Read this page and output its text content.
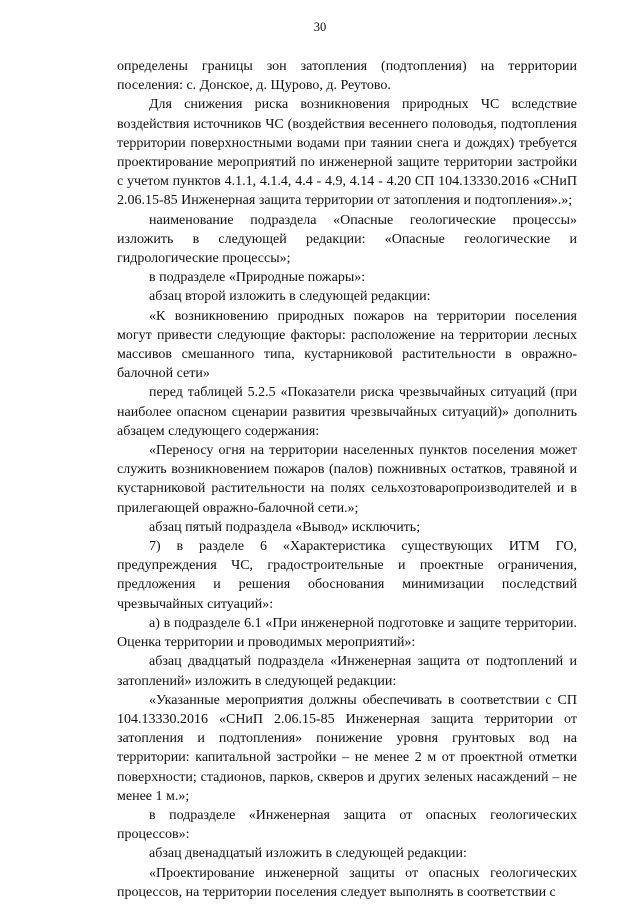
30

определены границы зон затопления (подтопления) на территории поселения: с. Донское, д. Щурово, д. Реутово.

Для снижения риска возникновения природных ЧС вследствие воздействия источников ЧС (воздействия весеннего половодья, подтопления территории поверхностными водами при таянии снега и дождях) требуется проектирование мероприятий по инженерной защите территории застройки с учетом пунктов 4.1.1, 4.1.4, 4.4 - 4.9, 4.14 - 4.20 СП 104.13330.2016 «СНиП 2.06.15-85 Инженерная защита территории от затопления и подтопления».»;

наименование подраздела «Опасные геологические процессы» изложить в следующей редакции: «Опасные геологические и гидрологические процессы»;

в подразделе «Природные пожары»:

абзац второй изложить в следующей редакции:

«К возникновению природных пожаров на территории поселения могут привести следующие факторы: расположение на территории лесных массивов смешанного типа, кустарниковой растительности в овражно-балочной сети»

перед таблицей 5.2.5 «Показатели риска чрезвычайных ситуаций (при наиболее опасном сценарии развития чрезвычайных ситуаций)» дополнить абзацем следующего содержания:

«Переносу огня на территории населенных пунктов поселения может служить возникновением пожаров (палов) пожнивных остатков, травяной и кустарниковой растительности на полях сельхозтоваропроизводителей и в прилегающей овражно-балочной сети.»;

абзац пятый подраздела «Вывод» исключить;

7) в разделе 6 «Характеристика существующих ИТМ ГО, предупреждения ЧС, градостроительные и проектные ограничения, предложения и решения обоснования минимизации последствий чрезвычайных ситуаций»:

а) в подразделе 6.1 «При инженерной подготовке и защите территории. Оценка территории и проводимых мероприятий»:

абзац двадцатый подраздела «Инженерная защита от подтоплений и затоплений» изложить в следующей редакции:

«Указанные мероприятия должны обеспечивать в соответствии с СП 104.13330.2016 «СНиП 2.06.15-85 Инженерная защита территории от затопления и подтопления» понижение уровня грунтовых вод на территории: капитальной застройки – не менее 2 м от проектной отметки поверхности; стадионов, парков, скверов и других зеленых насаждений – не менее 1 м.»;

в подразделе «Инженерная защита от опасных геологических процессов»:

абзац двенадцатый изложить в следующей редакции:

«Проектирование инженерной защиты от опасных геологических процессов, на территории поселения следует выполнять в соответствии с
